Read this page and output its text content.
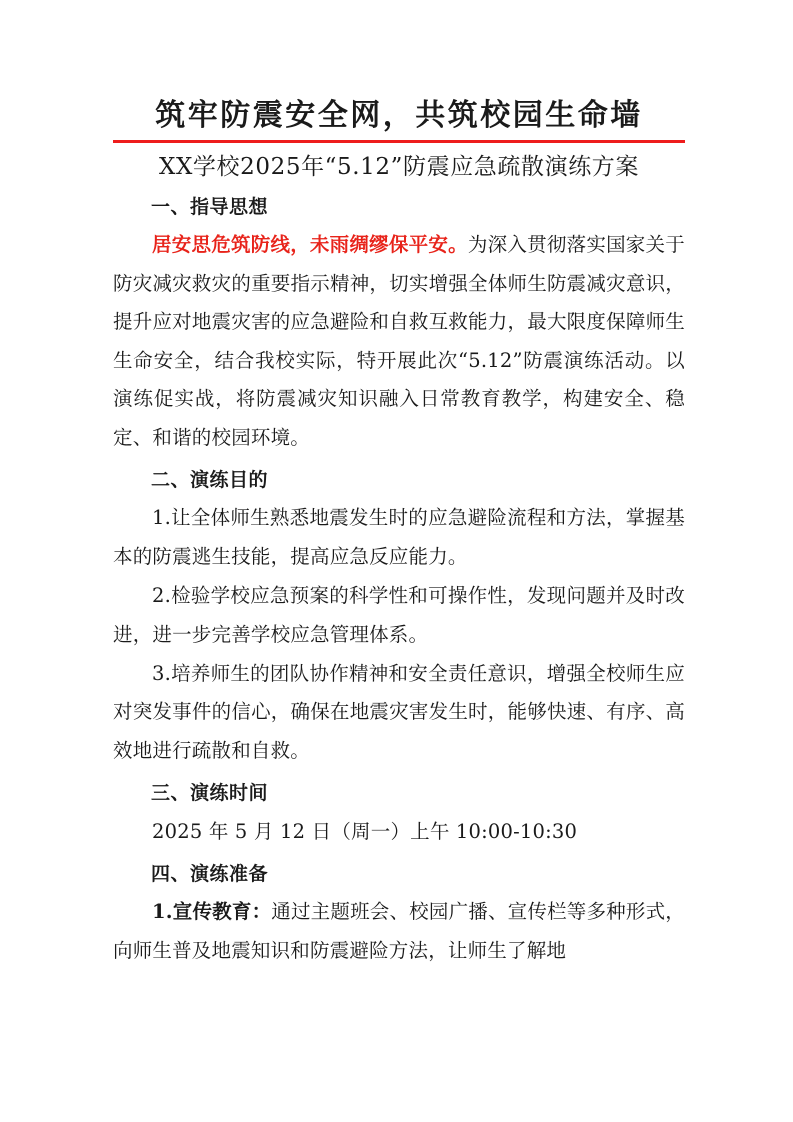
筑牢防震安全网，共筑校园生命墙
XX学校2025年“5.12”防震应急疏散演练方案
一、指导思想

居安思危筑防线，未雨绸缪保平安。为深入贯彻落实国家关于防灾减灾救灾的重要指示精神，切实增强全体师生防震减灾意识，提升应对地震灾害的应急避险和自救互救能力，最大限度保障师生生命安全，结合我校实际，特开展此次“5.12”防震演练活动。以演练促实战，将防震减灾知识融入日常教育教学，构建安全、稳定、和谐的校园环境。

二、演练目的

1.让全体师生熟悉地震发生时的应急避险流程和方法，掌握基本的防震逃生技能，提高应急反应能力。

2.检验学校应急预案的科学性和可操作性，发现问题并及时改进，进一步完善学校应急管理体系。

3.培养师生的团队协作精神和安全责任意识，增强全校师生应对突发事件的信心，确保在地震灾害发生时，能够快速、有序、高效地进行疏散和自救。

三、演练时间

2025 年 5 月 12 日（周一）上午 10:00-10:30

四、演练准备

1.宣传教育：通过主题班会、校园广播、宣传栏等多种形式，向师生普及地震知识和防震避险方法，让师生了解地
